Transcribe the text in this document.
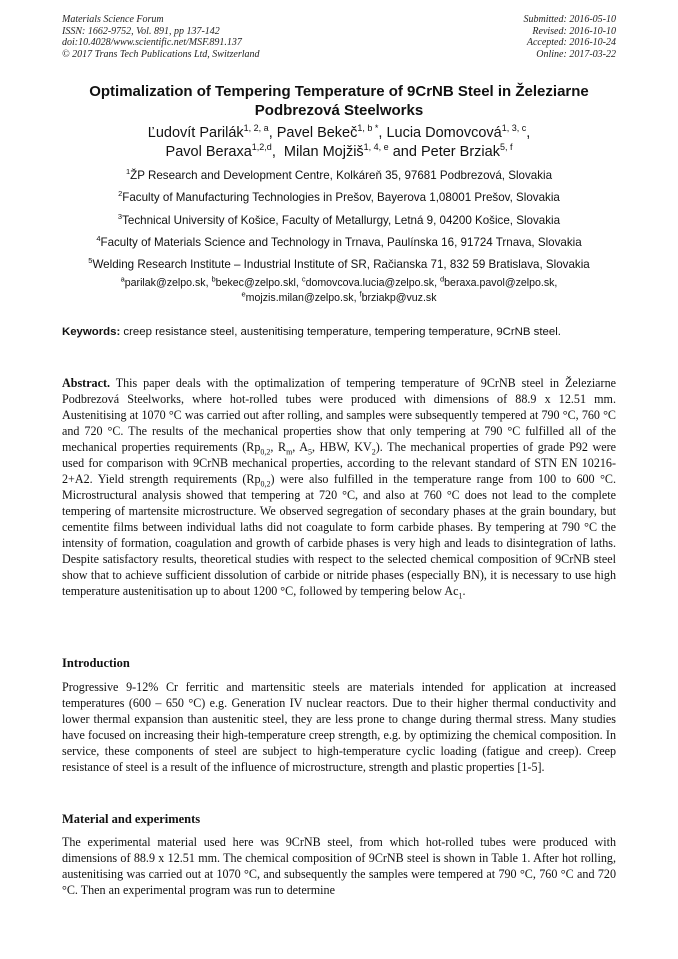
Materials Science Forum
ISSN: 1662-9752, Vol. 891, pp 137-142
doi:10.4028/www.scientific.net/MSF.891.137
© 2017 Trans Tech Publications Ltd, Switzerland
Submitted: 2016-05-10
Revised: 2016-10-10
Accepted: 2016-10-24
Online: 2017-03-22
Optimalization of Tempering Temperature of 9CrNB Steel in Železiarne
Podbrezová Steelworks
Ľudovít Parilák$^{1, 2, a}$, Pavel Bekeč$^{1, b *}$, Lucia Domovcová$^{1, 3, c}$,
Pavol Beraxa$^{1,2,d}$,  Milan Mojžiš$^{1, 4, e}$ and Peter Brziak$^{5, f}$
$^1$ŽP Research and Development Centre, Kolkáreň 35, 97681 Podbrezová, Slovakia
$^2$Faculty of Manufacturing Technologies in Prešov, Bayerova 1,08001 Prešov, Slovakia
$^3$Technical University of Košice, Faculty of Metallurgy, Letná 9, 04200 Košice, Slovakia
$^4$Faculty of Materials Science and Technology in Trnava, Paulínska 16, 91724 Trnava, Slovakia
$^5$Welding Research Institute – Industrial Institute of SR, Račianska 71, 832 59 Bratislava, Slovakia
$^a$parilak@zelpo.sk, $^b$bekec@zelpo.skl, $^c$domovcova.lucia@zelpo.sk, $^d$beraxa.pavol@zelpo.sk,
$^e$mojzis.milan@zelpo.sk, $^f$brziakp@vuz.sk
Keywords: creep resistance steel, austenitising temperature, tempering temperature, 9CrNB steel.
Abstract. This paper deals with the optimalization of tempering temperature of 9CrNB steel in Železiarne Podbrezová Steelworks, where hot-rolled tubes were produced with dimensions of 88.9 x 12.51 mm. Austenitising at 1070 °C was carried out after rolling, and samples were subsequently tempered at 790 °C, 760 °C and 720 °C. The results of the mechanical properties show that only tempering at 790 °C fulfilled all of the mechanical properties requirements ($Rp_{0,2}$, $R_m$, $A_5$, HBW, $KV_2$). The mechanical properties of grade P92 were used for comparison with 9CrNB mechanical properties, according to the relevant standard of STN EN 10216-2+A2. Yield strength requirements $(Rp_{0,2})$ were also fulfilled in the temperature range from 100 to 600 °C. Microstructural analysis showed that tempering at 720 °C, and also at 760 °C does not lead to the complete tempering of martensite microstructure. We observed segregation of secondary phases at the grain boundary, but cementite films between individual laths did not coagulate to form carbide phases. By tempering at 790 °C the intensity of formation, coagulation and growth of carbide phases is very high and leads to disintegration of laths. Despite satisfactory results, theoretical studies with respect to the selected chemical composition of 9CrNB steel show that to achieve sufficient dissolution of carbide or nitride phases (especially BN), it is necessary to use high temperature austenitisation up to about 1200 °C, followed by tempering below $Ac_1$.
Introduction
Progressive 9-12% Cr ferritic and martensitic steels are materials intended for application at increased temperatures (600 – 650 °C) e.g. Generation IV nuclear reactors. Due to their higher thermal conductivity and lower thermal expansion than austenitic steel, they are less prone to change during thermal stress. Many studies have focused on increasing their high-temperature creep strength, e.g. by optimizing the chemical composition. In service, these components of steel are subject to high-temperature cyclic loading (fatigue and creep). Creep resistance of steel is a result of the influence of microstructure, strength and plastic properties [1-5].
Material and experiments
The experimental material used here was 9CrNB steel, from which hot-rolled tubes were produced with dimensions of 88.9 x 12.51 mm. The chemical composition of 9CrNB steel is shown in Table 1. After hot rolling, austenitising was carried out at 1070 °C, and subsequently the samples were tempered at 790 °C, 760 °C and 720 °C. Then an experimental program was run to determine
